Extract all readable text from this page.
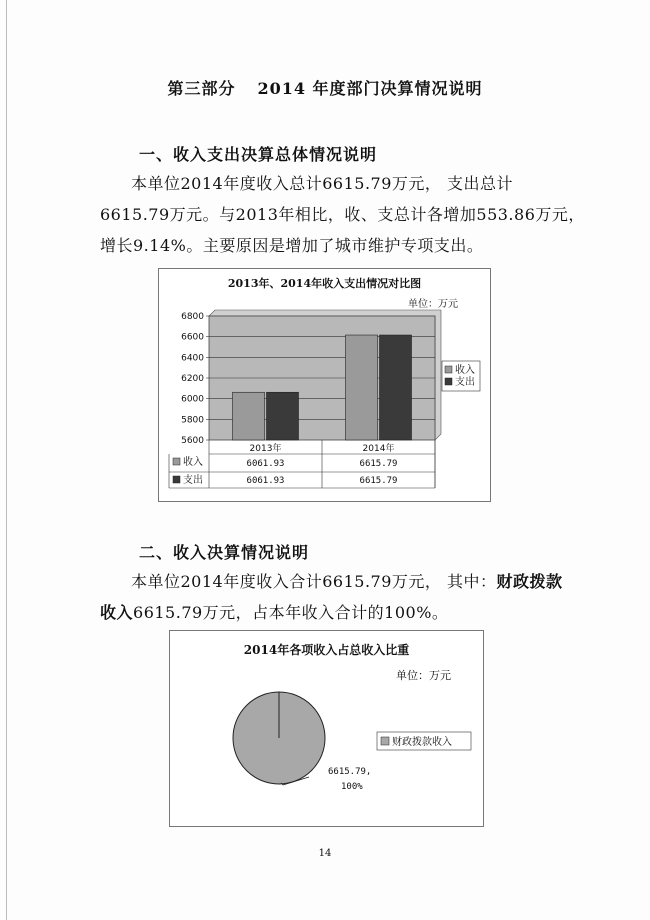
第三部分 2014 年度部门决算情况说明
一、收入支出决算总体情况说明
本单位2014年度收入总计6615.79万元， 支出总计
6615.79万元。与2013年相比，收、支总计各增加553.86万元，
增长9.14%。主要原因是增加了城市维护专项支出。
2013年、2014年收入支出情况对比图
单位：万元
5600
5800
6000
6200
6400
6600
6800
2013年	2014年
收入	6061.93	6615.79
支出	6061.93	6615.79
收入
支出
二、收入决算情况说明
本单位2014年度收入合计6615.79万元， 其中：财政拨款
收入6615.79万元，占本年收入合计的100%。
2014年各项收入占总收入比重
单位：万元
6615.79,
100%
财政拨款收入
14
